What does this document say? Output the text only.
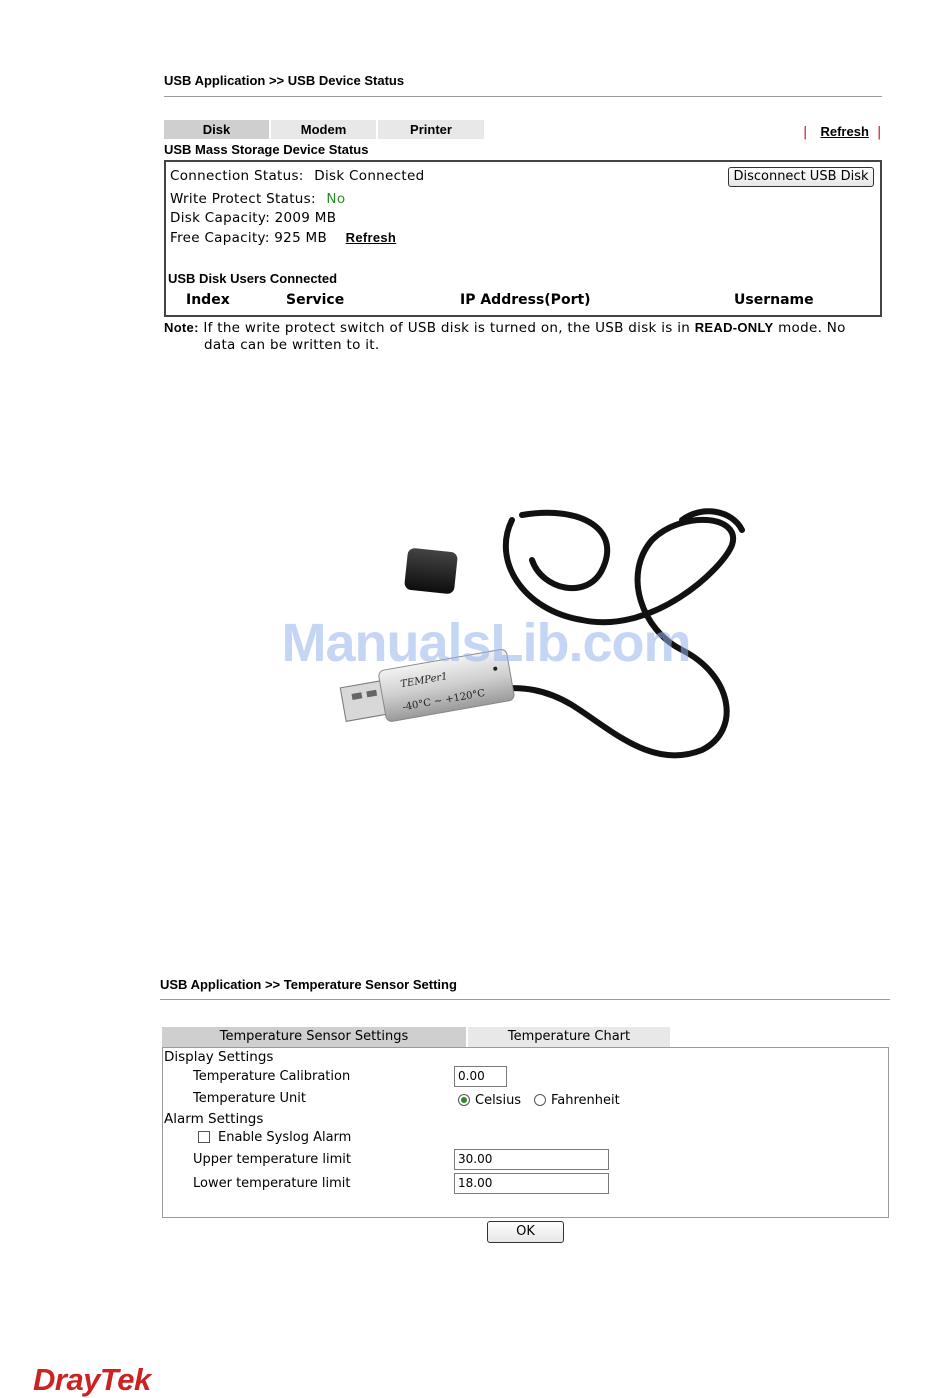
USB Application >> USB Device Status
Disk	Modem	Printer	| Refresh |
USB Mass Storage Device Status
Connection Status: Disk Connected	Disconnect USB Disk
Write Protect Status: No
Disk Capacity: 2009 MB
Free Capacity: 925 MB Refresh
USB Disk Users Connected
Index	Service	IP Address(Port)	Username
Note: If the write protect switch of USB disk is turned on, the USB disk is in READ-ONLY mode. No
data can be written to it.
TEMPer1
-40°C ~ +120°C
ManualsLib.com
USB Application >> Temperature Sensor Setting
Temperature Sensor Settings	Temperature Chart
Display Settings
Temperature Calibration	0.00
Temperature Unit	Celsius Fahrenheit
Alarm Settings
Enable Syslog Alarm
Upper temperature limit	30.00
Lower temperature limit	18.00
OK
DrayTek
